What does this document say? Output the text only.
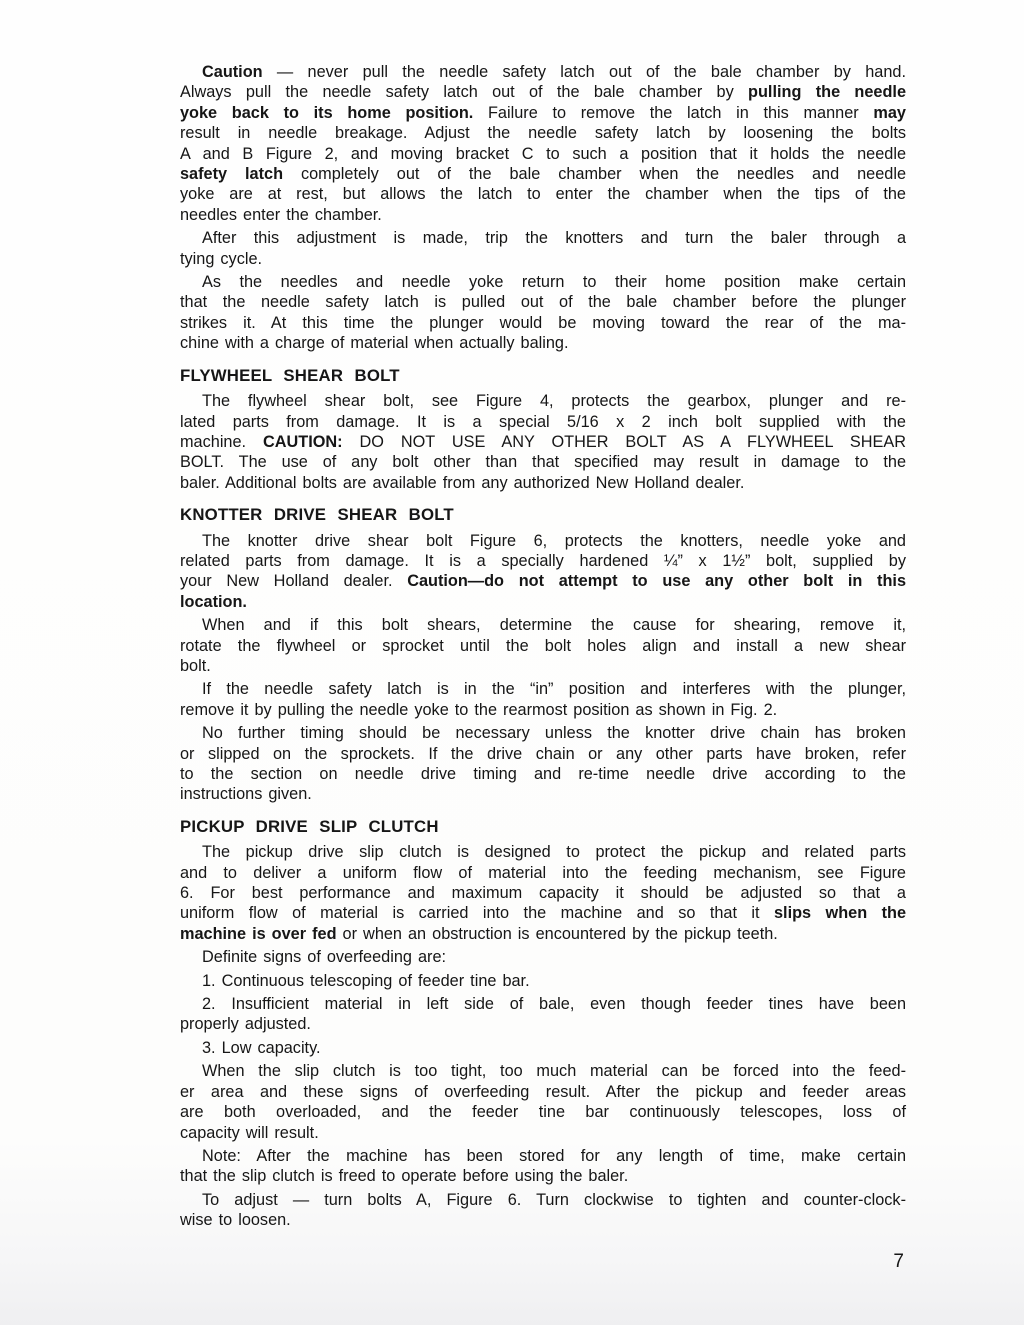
Caution — never pull the needle safety latch out of the bale chamber by hand.
Always pull the needle safety latch out of the bale chamber by pulling the needle
yoke back to its home position. Failure to remove the latch in this manner may
result in needle breakage. Adjust the needle safety latch by loosening the bolts
A and B Figure 2, and moving bracket C to such a position that it holds the needle
safety latch completely out of the bale chamber when the needles and needle
yoke are at rest, but allows the latch to enter the chamber when the tips of the
needles enter the chamber.
After this adjustment is made, trip the knotters and turn the baler through a
tying cycle.
As the needles and needle yoke return to their home position make certain
that the needle safety latch is pulled out of the bale chamber before the plunger
strikes it. At this time the plunger would be moving toward the rear of the ma-
chine with a charge of material when actually baling.
FLYWHEEL SHEAR BOLT
The flywheel shear bolt, see Figure 4, protects the gearbox, plunger and re-
lated parts from damage. It is a special 5/16 x 2 inch bolt supplied with the
machine. CAUTION: DO NOT USE ANY OTHER BOLT AS A FLYWHEEL SHEAR
BOLT. The use of any bolt other than that specified may result in damage to the
baler. Additional bolts are available from any authorized New Holland dealer.
KNOTTER DRIVE SHEAR BOLT
The knotter drive shear bolt Figure 6, protects the knotters, needle yoke and
related parts from damage. It is a specially hardened ¼” x 1½” bolt, supplied by
your New Holland dealer. Caution—do not attempt to use any other bolt in this
location.
When and if this bolt shears, determine the cause for shearing, remove it,
rotate the flywheel or sprocket until the bolt holes align and install a new shear
bolt.
If the needle safety latch is in the “in” position and interferes with the plunger,
remove it by pulling the needle yoke to the rearmost position as shown in Fig. 2.
No further timing should be necessary unless the knotter drive chain has broken
or slipped on the sprockets. If the drive chain or any other parts have broken, refer
to the section on needle drive timing and re-time needle drive according to the
instructions given.
PICKUP DRIVE SLIP CLUTCH
The pickup drive slip clutch is designed to protect the pickup and related parts
and to deliver a uniform flow of material into the feeding mechanism, see Figure
6. For best performance and maximum capacity it should be adjusted so that a
uniform flow of material is carried into the machine and so that it slips when the
machine is over fed or when an obstruction is encountered by the pickup teeth.
Definite signs of overfeeding are:
1. Continuous telescoping of feeder tine bar.
2. Insufficient material in left side of bale, even though feeder tines have been
properly adjusted.
3. Low capacity.
When the slip clutch is too tight, too much material can be forced into the feed-
er area and these signs of overfeeding result. After the pickup and feeder areas
are both overloaded, and the feeder tine bar continuously telescopes, loss of
capacity will result.
Note: After the machine has been stored for any length of time, make certain
that the slip clutch is freed to operate before using the baler.
To adjust — turn bolts A, Figure 6. Turn clockwise to tighten and counter-clock-
wise to loosen.
7
